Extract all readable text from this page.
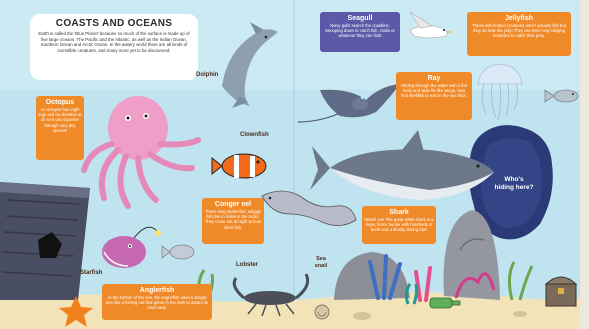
COASTS AND OCEANS
Earth is called the 'Blue Planet' because so much of the surface is made up of five large oceans. The Pacific and the Atlantic, as well as the Indian Ocean, Southern Ocean and Arctic Ocean. In the watery world there are all kinds of incredible creatures, and many more yet to be discovered.
Seagull
Noisy gulls search the coastline, swooping down to catch fish, crabs or whatever they can find!
Jellyfish
These soft-bodied creatures aren't actually fish but they do look like jelly! They use their long stinging tentacles to catch their prey.
Ray
Gliding through the water with a flat body and wide fin-like wings, rays find shellfish to eat on the sea floor.
Octopus
An octopus has eight legs and no skeleton at all so it can squeeze through very tiny spaces!
Conger eel
These long snake-like, wriggly fish live in holes in the rocks. They come out at night to hunt other fish.
Shark
Watch out! The great white shark is a large, fierce hunter with hundreds of teeth and a deadly strong bite!
Anglerfish
At the bottom of the sea, the anglerfish uses a dangly lure like a fishing rod that glows in the dark to attract its next meal.
Dolphin
Clownfish
Starfish
Lobster
Sea snail
Who's hiding here?
